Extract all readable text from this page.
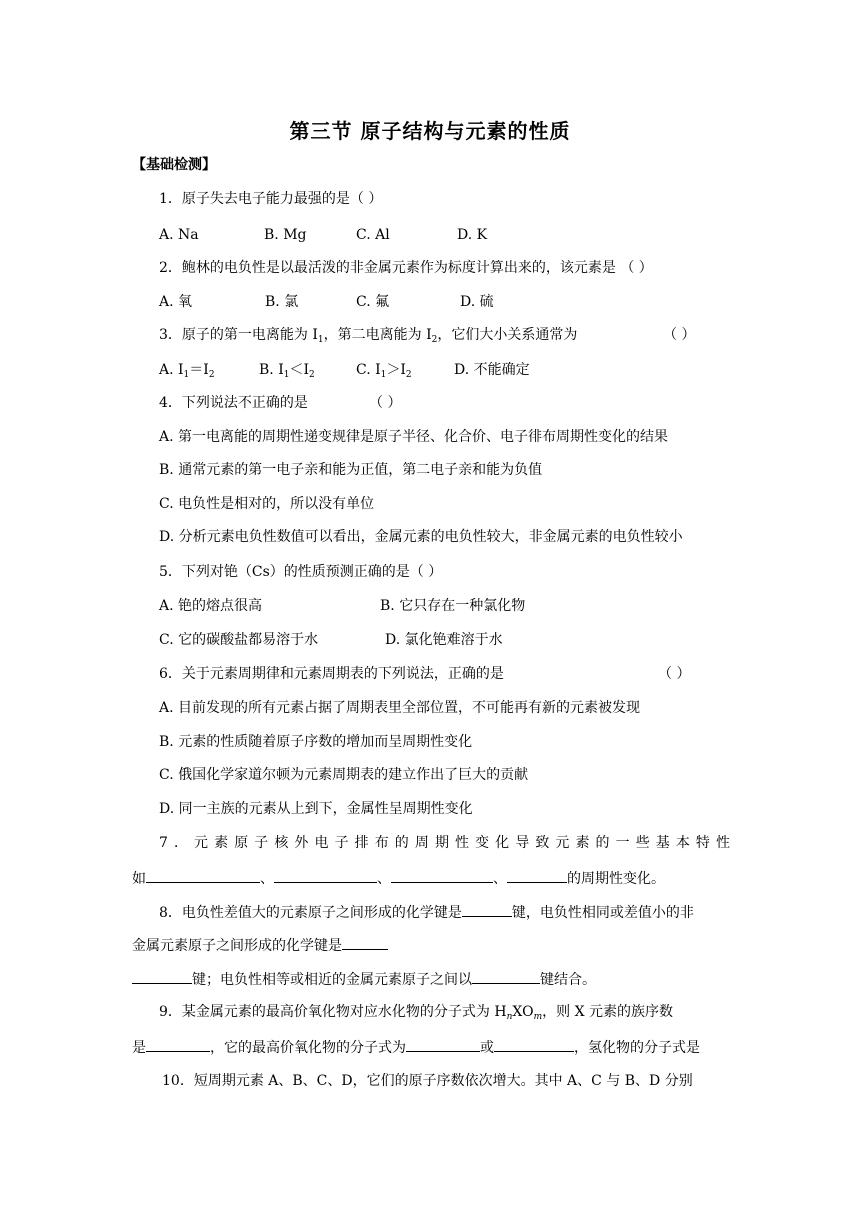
第三节 原子结构与元素的性质
【基础检测】
1．原子失去电子能力最强的是（ ）
A. Na	B. Mg	C. Al	D. K
2．鲍林的电负性是以最活泼的非金属元素作为标度计算出来的，该元素是 （ ）
A. 氧	B. 氯	C. 氟	D. 硫
3．原子的第一电离能为 $I_1$，第二电离能为 $I_2$，它们大小关系通常为	（ ）
A. $I_1=I_2$	B. $I_1<I_2$	C. $I_1>I_2$	D. 不能确定
4．下列说法不正确的是	（ ）
A. 第一电离能的周期性递变规律是原子半径、化合价、电子徘布周期性变化的结果
B. 通常元素的第一电子亲和能为正值，第二电子亲和能为负值
C. 电负性是相对的，所以没有单位
D. 分析元素电负性数值可以看出，金属元素的电负性较大，非金属元素的电负性较小
5．下列对铯（Cs）的性质预测正确的是（ ）
A. 铯的熔点很高	B. 它只存在一种氯化物
C. 它的碳酸盐都易溶于水	D. 氯化铯难溶于水
6．关于元素周期律和元素周期表的下列说法，正确的是	（ ）
A. 目前发现的所有元素占据了周期表里全部位置，不可能再有新的元素被发现
B. 元素的性质随着原子序数的增加而呈周期性变化
C. 俄国化学家道尔顿为元素周期表的建立作出了巨大的贡献
D. 同一主族的元素从上到下，金属性呈周期性变化
7．元素原子核外电子排布的周期性变化导致元素的一些基本特性
如	、	、	、	的周期性变化。
8．电负性差值大的元素原子之间形成的化学键是	键，电负性相同或差值小的非
金属元素原子之间形成的化学键是
键；电负性相等或相近的金属元素原子之间以	键结合。
9．某金属元素的最高价氧化物对应水化物的分子式为 $H_nXO_m$，则 X 元素的族序数
是	，它的最高价氧化物的分子式为	或	，氢化物的分子式是
10．短周期元素 A、B、C、D，它们的原子序数依次增大。其中 A、C 与 B、D 分别
